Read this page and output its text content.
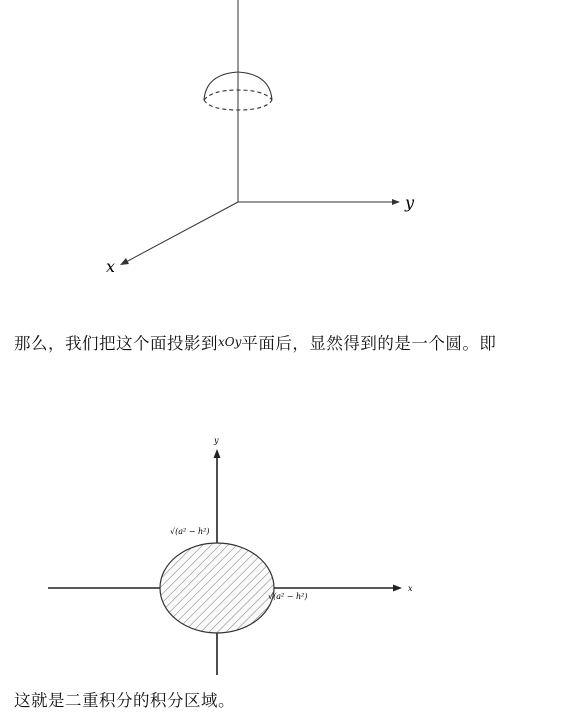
y
x
那么，我们把这个面投影到xOy平面后，显然得到的是一个圆。即
y
x
√(a² − h²)
√(a² − h²)
这就是二重积分的积分区域。
